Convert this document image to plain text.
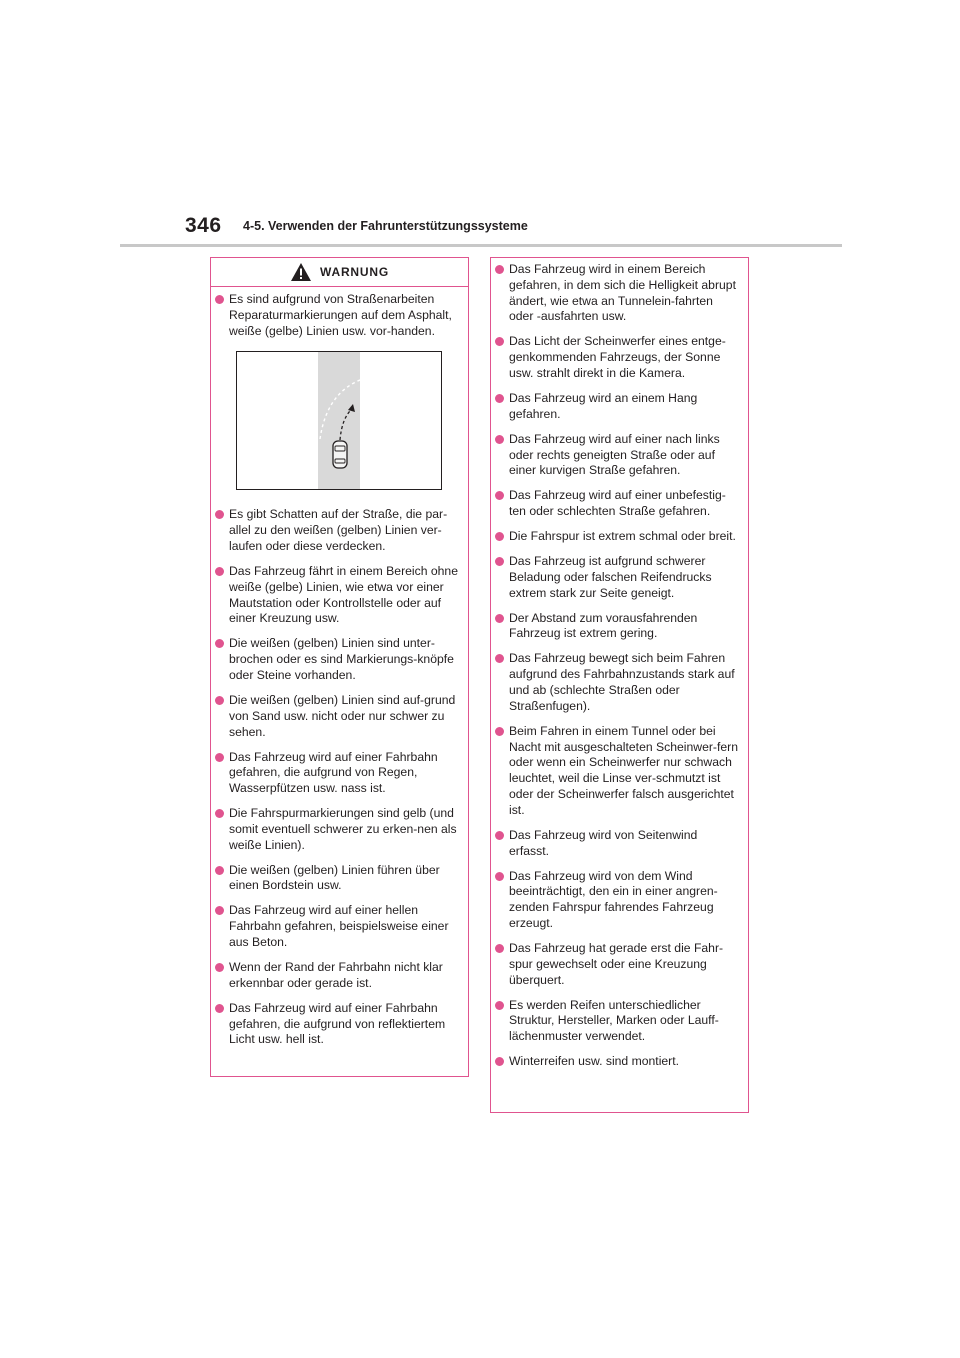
346 4-5. Verwenden der Fahrunterstützungssysteme
WARNUNG
Es sind aufgrund von Straßenarbeiten Reparaturmarkierungen auf dem Asphalt, weiße (gelbe) Linien usw. vor-handen.
Es gibt Schatten auf der Straße, die par-allel zu den weißen (gelben) Linien ver-laufen oder diese verdecken.
Das Fahrzeug fährt in einem Bereich ohne weiße (gelbe) Linien, wie etwa vor einer Mautstation oder Kontrollstelle oder auf einer Kreuzung usw.
Die weißen (gelben) Linien sind unter-brochen oder es sind Markierungs-knöpfe oder Steine vorhanden.
Die weißen (gelben) Linien sind auf-grund von Sand usw. nicht oder nur schwer zu sehen.
Das Fahrzeug wird auf einer Fahrbahn gefahren, die aufgrund von Regen, Wasserpfützen usw. nass ist.
Die Fahrspurmarkierungen sind gelb (und somit eventuell schwerer zu erken-nen als weiße Linien).
Die weißen (gelben) Linien führen über einen Bordstein usw.
Das Fahrzeug wird auf einer hellen Fahrbahn gefahren, beispielsweise einer aus Beton.
Wenn der Rand der Fahrbahn nicht klar erkennbar oder gerade ist.
Das Fahrzeug wird auf einer Fahrbahn gefahren, die aufgrund von reflektiertem Licht usw. hell ist.
Das Fahrzeug wird in einem Bereich gefahren, in dem sich die Helligkeit abrupt ändert, wie etwa an Tunnelein-fahrten oder -ausfahrten usw.
Das Licht der Scheinwerfer eines entge-genkommenden Fahrzeugs, der Sonne usw. strahlt direkt in die Kamera.
Das Fahrzeug wird an einem Hang gefahren.
Das Fahrzeug wird auf einer nach links oder rechts geneigten Straße oder auf einer kurvigen Straße gefahren.
Das Fahrzeug wird auf einer unbefestig-ten oder schlechten Straße gefahren.
Die Fahrspur ist extrem schmal oder breit.
Das Fahrzeug ist aufgrund schwerer Beladung oder falschen Reifendrucks extrem stark zur Seite geneigt.
Der Abstand zum vorausfahrenden Fahrzeug ist extrem gering.
Das Fahrzeug bewegt sich beim Fahren aufgrund des Fahrbahnzustands stark auf und ab (schlechte Straßen oder Straßenfugen).
Beim Fahren in einem Tunnel oder bei Nacht mit ausgeschalteten Scheinwer-fern oder wenn ein Scheinwerfer nur schwach leuchtet, weil die Linse ver-schmutzt ist oder der Scheinwerfer falsch ausgerichtet ist.
Das Fahrzeug wird von Seitenwind erfasst.
Das Fahrzeug wird von dem Wind beeinträchtigt, den ein in einer angren-zenden Fahrspur fahrendes Fahrzeug erzeugt.
Das Fahrzeug hat gerade erst die Fahr-spur gewechselt oder eine Kreuzung überquert.
Es werden Reifen unterschiedlicher Struktur, Hersteller, Marken oder Lauff-lächenmuster verwendet.
Winterreifen usw. sind montiert.
